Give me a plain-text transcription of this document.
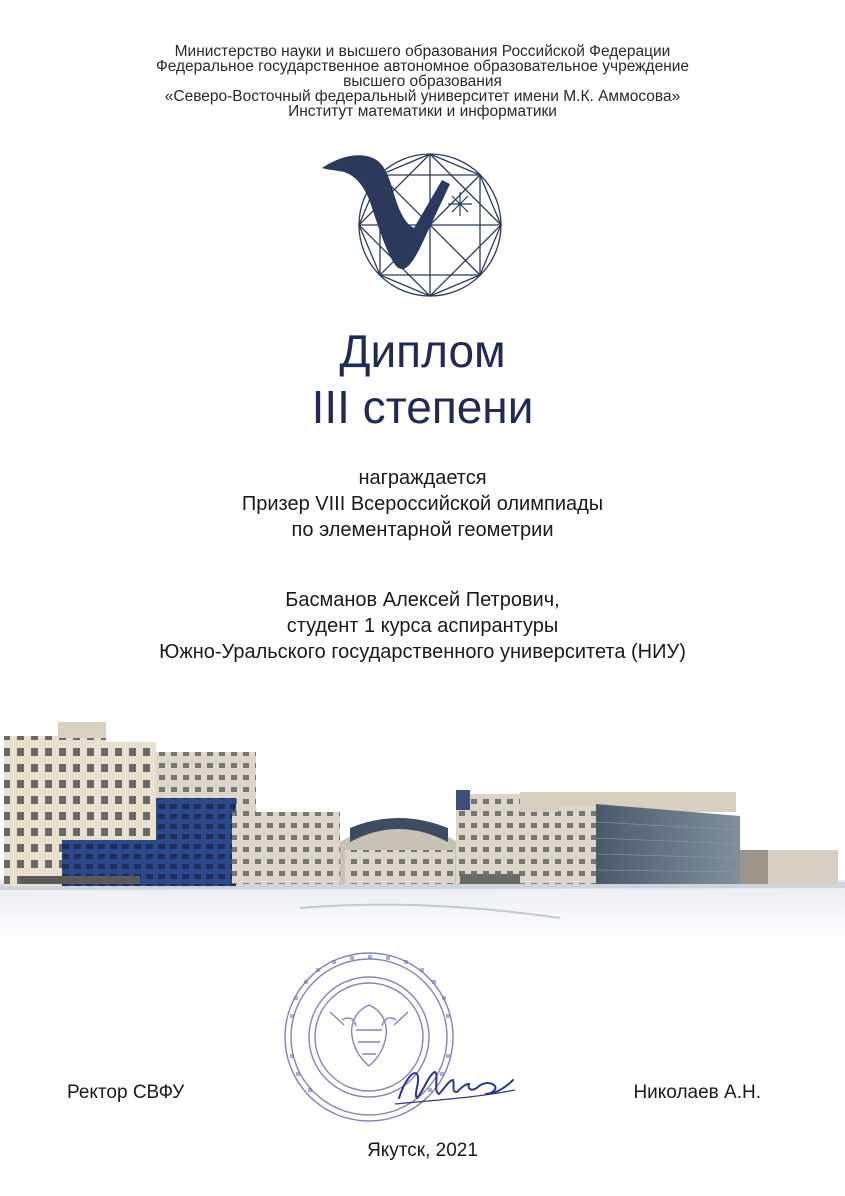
Министерство науки и высшего образования Российской Федерации
Федеральное государственное автономное образовательное учреждение
высшего образования
«Северо-Восточный федеральный университет имени М.К. Аммосова»
Институт математики и информатики
Диплом
III степени
награждается
Призер VIII Всероссийской олимпиады
по элементарной геометрии
Басманов Алексей Петрович,
студент 1 курса аспирантуры
Южно-Уральского государственного университета (НИУ)
Ректор СВФУ	Николаев А.Н.
Якутск, 2021
